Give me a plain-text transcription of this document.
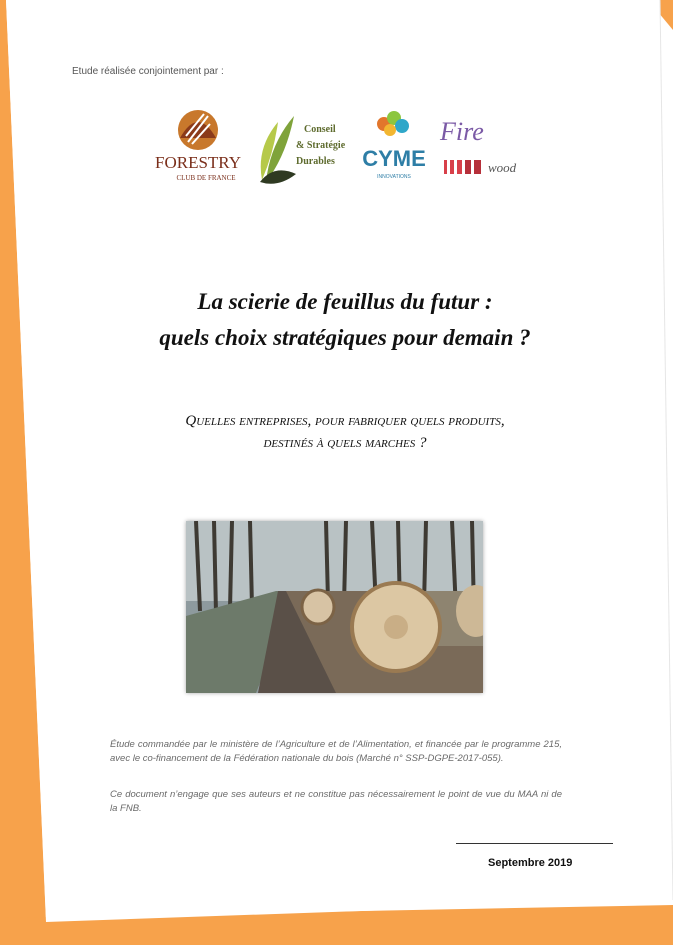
Etude réalisée conjointement par :
FORESTRY
CLUB DE FRANCE
Conseil
& Stratégie
Durables CYME
INNOVATIONS
Fire
wood
La scierie de feuillus du futur :
quels choix stratégiques pour demain ?
Quelles entreprises, pour fabriquer quels produits,
destinés à quels marches ?
Étude commandée par le ministère de l’Agriculture et de l’Alimentation, et financée par le programme 215, avec le co-financement de la Fédération nationale du bois (Marché n° SSP-DGPE-2017-055).
Ce document n’engage que ses auteurs et ne constitue pas nécessairement le point de vue du MAA ni de la FNB.
Septembre 2019
